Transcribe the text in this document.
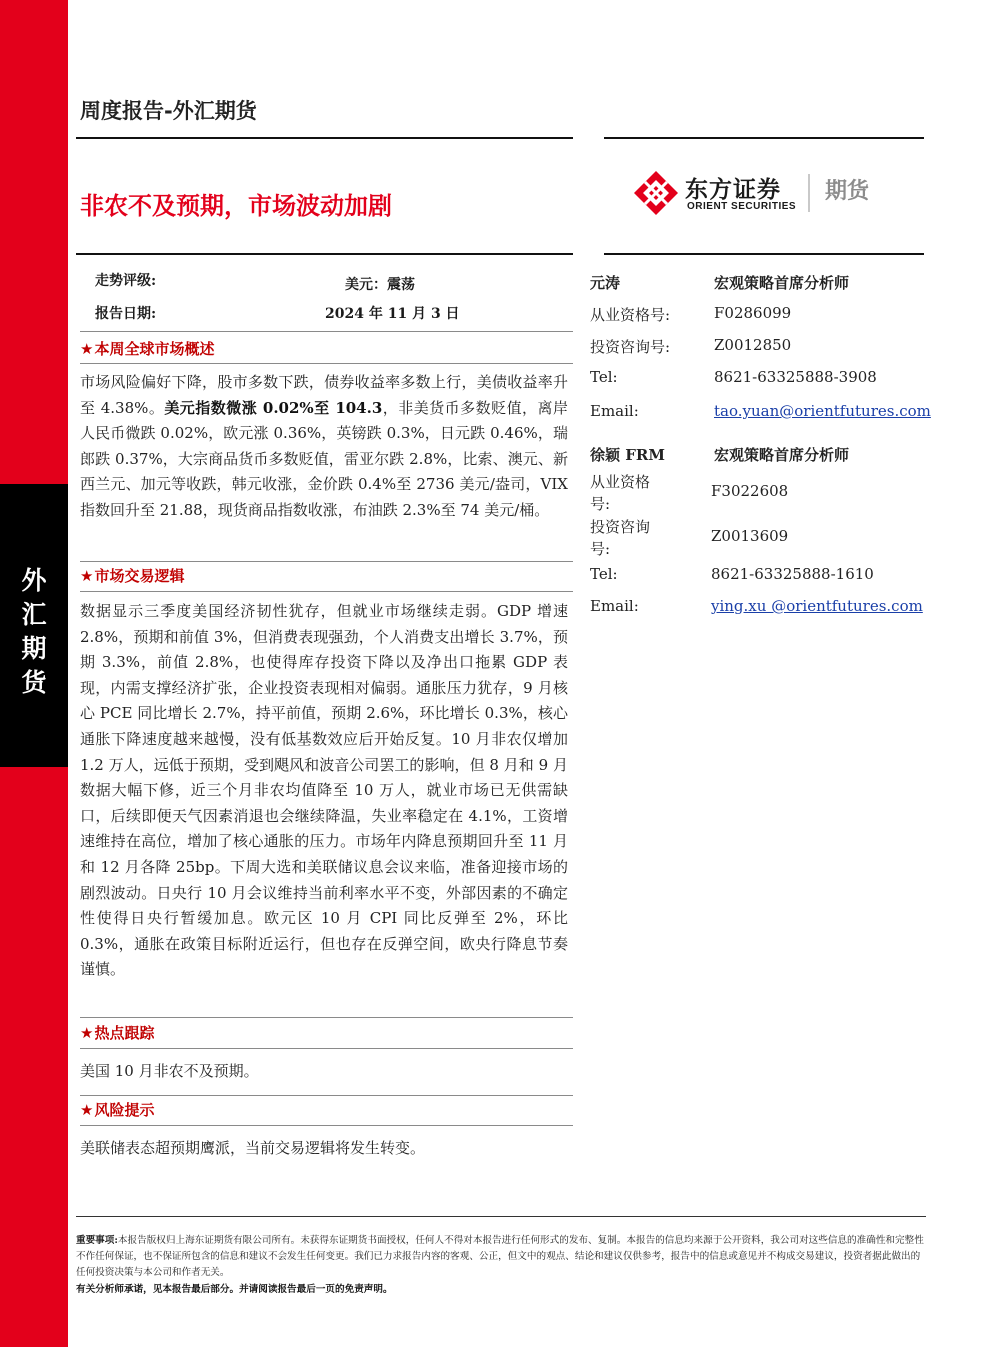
外
汇
期
货
周度报告-外汇期货
非农不及预期，市场波动加剧
东方证券
ORIENT SECURITIES
期货
走势评级:	美元：震荡
报告日期:	2024 年 11 月 3 日
★本周全球市场概述

市场风险偏好下降，股市多数下跌，债券收益率多数上行，美债收益率升至 4.38%。美元指数微涨 0.02%至 104.3，非美货币多数贬值，离岸人民币微跌 0.02%，欧元涨 0.36%，英镑跌 0.3%，日元跌 0.46%，瑞郎跌 0.37%，大宗商品货币多数贬值，雷亚尔跌 2.8%，比索、澳元、新西兰元、加元等收跌，韩元收涨，金价跌 0.4%至 2736 美元/盎司，VIX 指数回升至 21.88，现货商品指数收涨，布油跌 2.3%至 74 美元/桶。

★市场交易逻辑

数据显示三季度美国经济韧性犹存，但就业市场继续走弱。GDP 增速 2.8%，预期和前值 3%，但消费表现强劲，个人消费支出增长 3.7%，预期 3.3%，前值 2.8%，也使得库存投资下降以及净出口拖累 GDP 表现，内需支撑经济扩张，企业投资表现相对偏弱。通胀压力犹存，9 月核心 PCE 同比增长 2.7%，持平前值，预期 2.6%，环比增长 0.3%，核心通胀下降速度越来越慢，没有低基数效应后开始反复。10 月非农仅增加 1.2 万人，远低于预期，受到飓风和波音公司罢工的影响，但 8 月和 9 月数据大幅下修，近三个月非农均值降至 10 万人，就业市场已无供需缺口，后续即便天气因素消退也会继续降温，失业率稳定在 4.1%，工资增速维持在高位，增加了核心通胀的压力。市场年内降息预期回升至 11 月和 12 月各降 25bp。下周大选和美联储议息会议来临，准备迎接市场的剧烈波动。日央行 10 月会议维持当前利率水平不变，外部因素的不确定性使得日央行暂缓加息。欧元区 10 月 CPI 同比反弹至 2%，环比 0.3%，通胀在政策目标附近运行，但也存在反弹空间，欧央行降息节奏谨慎。

★热点跟踪

美国 10 月非农不及预期。

★风险提示

美联储表态超预期鹰派，当前交易逻辑将发生转变。

元涛	宏观策略首席分析师
从业资格号:	F0286099
投资咨询号:	Z0012850
Tel:	8621-63325888-3908
Email:	tao.yuan@orientfutures.com
徐颖 FRM	宏观策略首席分析师
从业资格
号:
F3022608
投资咨询
号:
Z0013609
Tel:	8621-63325888-1610
Email:	ying.xu @orientfutures.com

重要事项:本报告版权归上海东证期货有限公司所有。未获得东证期货书面授权，任何人不得对本报告进行任何形式的发布、复制。本报告的信息均来源于公开资料，我公司对这些信息的准确性和完整性不作任何保证，也不保证所包含的信息和建议不会发生任何变更。我们已力求报告内容的客观、公正，但文中的观点、结论和建议仅供参考，报告中的信息或意见并不构成交易建议，投资者据此做出的任何投资决策与本公司和作者无关。

有关分析师承诺，见本报告最后部分。并请阅读报告最后一页的免责声明。
